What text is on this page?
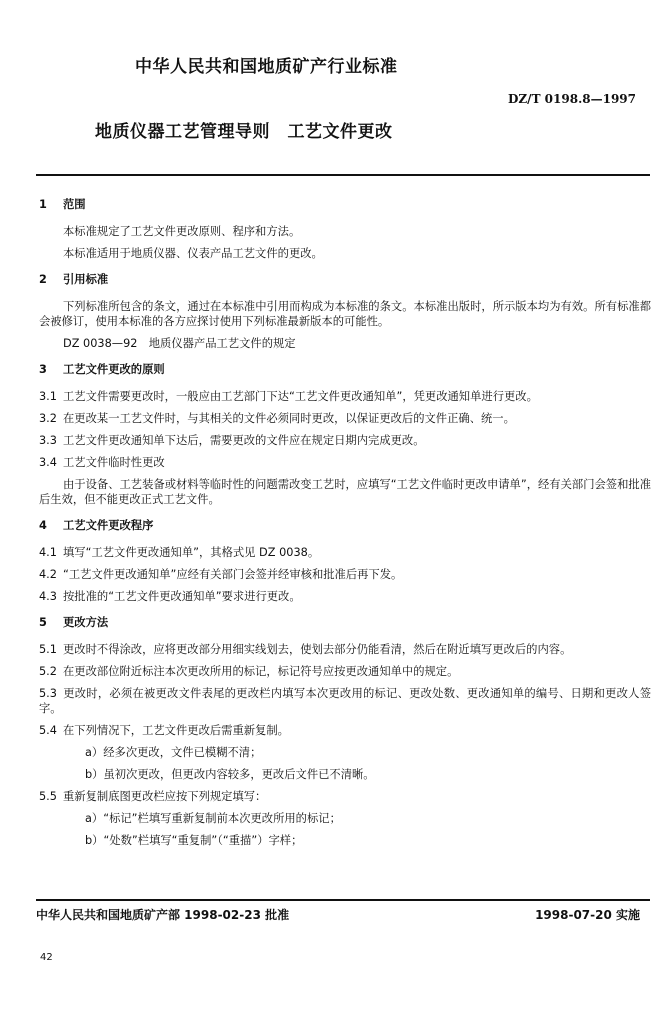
中华人民共和国地质矿产行业标准
DZ/T 0198.8—1997
地质仪器工艺管理导则　工艺文件更改
1 范围
本标准规定了工艺文件更改原则、程序和方法。
本标准适用于地质仪器、仪表产品工艺文件的更改。
2 引用标准
下列标准所包含的条文，通过在本标准中引用而构成为本标准的条文。本标准出版时，所示版本均为有效。所有标准都会被修订，使用本标准的各方应探讨使用下列标准最新版本的可能性。
DZ 0038—92　地质仪器产品工艺文件的规定
3 工艺文件更改的原则
3.1 工艺文件需要更改时，一般应由工艺部门下达“工艺文件更改通知单”，凭更改通知单进行更改。
3.2 在更改某一工艺文件时，与其相关的文件必须同时更改，以保证更改后的文件正确、统一。
3.3 工艺文件更改通知单下达后，需要更改的文件应在规定日期内完成更改。
3.4 工艺文件临时性更改
由于设备、工艺装备或材料等临时性的问题需改变工艺时，应填写“工艺文件临时更改申请单”，经有关部门会签和批准后生效，但不能更改正式工艺文件。
4 工艺文件更改程序
4.1 填写“工艺文件更改通知单”，其格式见 DZ 0038。
4.2 “工艺文件更改通知单”应经有关部门会签并经审核和批准后再下发。
4.3 按批准的“工艺文件更改通知单”要求进行更改。
5 更改方法
5.1 更改时不得涂改，应将更改部分用细实线划去，使划去部分仍能看清，然后在附近填写更改后的内容。
5.2 在更改部位附近标注本次更改所用的标记，标记符号应按更改通知单中的规定。
5.3 更改时，必须在被更改文件表尾的更改栏内填写本次更改用的标记、更改处数、更改通知单的编号、日期和更改人签字。
5.4 在下列情况下，工艺文件更改后需重新复制。
a）经多次更改，文件已模糊不清；
b）虽初次更改，但更改内容较多，更改后文件已不清晰。
5.5 重新复制底图更改栏应按下列规定填写：
a）“标记”栏填写重新复制前本次更改所用的标记；
b）“处数”栏填写“重复制”（“重描”）字样；
中华人民共和国地质矿产部 1998-02-23 批准	1998-07-20 实施
42
